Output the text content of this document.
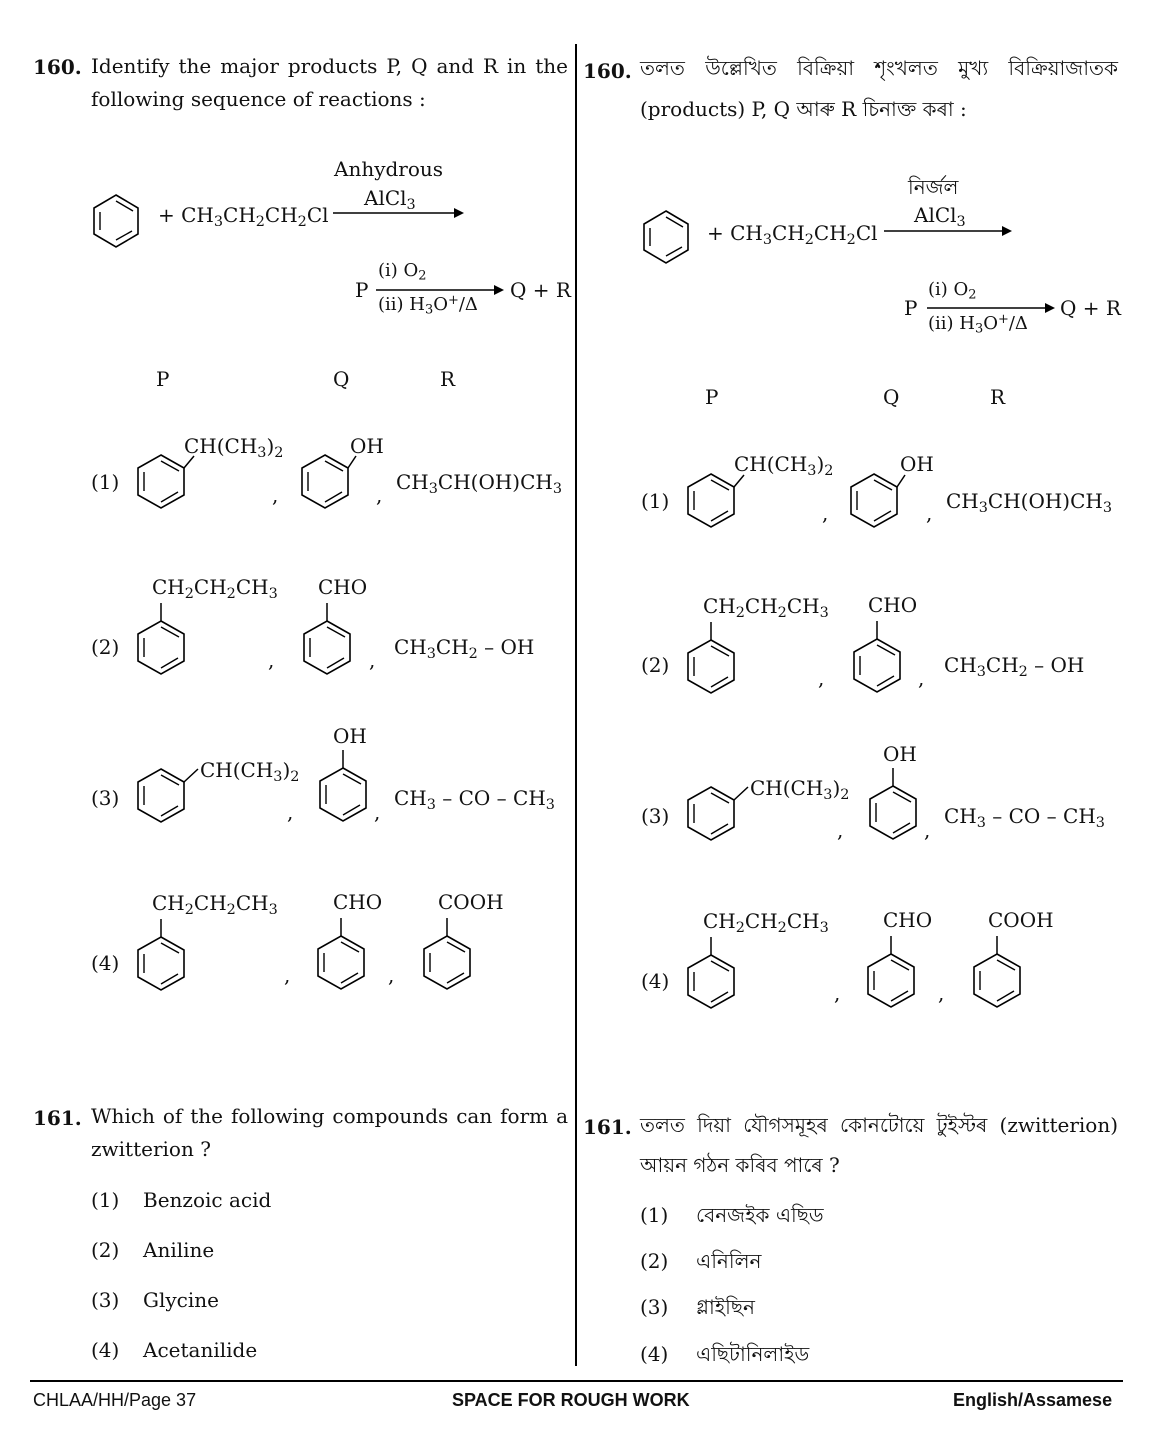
160. Identify the major products P, Q and R in the following sequence of reactions :
+ $CH_3CH_2CH_2Cl$
Anhydrous
AlCl$_3$
P
(i) $O_2$
(ii) $H_3O^+/\Delta$
Q + R
P	Q	R
(1)
$CH(CH_3)_2$
,
OH
,
$CH_3CH(OH)CH_3$
(2)
$CH_2CH_2CH_3$
,
CHO
,
$CH_3CH_2$ – OH
(3)
$CH(CH_3)_2$
,
OH
,
$CH_3$ – CO – $CH_3$
(4)
$CH_2CH_2CH_3$
,
CHO
,
COOH
161. Which of the following compounds can form a zwitterion ?
(1) Benzoic acid
(2) Aniline
(3) Glycine
(4) Acetanilide
160. তলত উল্লেখিত বিক্ৰিয়া শৃংখলত মুখ্য বিক্ৰিয়াজাতক
(products) P, Q আৰু R চিনাক্ত কৰা :
+ $CH_3CH_2CH_2Cl$
নিৰ্জল
AlCl$_3$
P
(i) $O_2$
(ii) $H_3O^+/\Delta$
Q + R
P	Q	R
(1)
$CH(CH_3)_2$
,
OH
, $CH_3CH(OH)CH_3$
(2)
$CH_2CH_2CH_3$
,
CHO
,
$CH_3CH_2$ – OH
(3)
$CH(CH_3)_2$
,
OH
,
$CH_3$ – CO – $CH_3$
(4)
$CH_2CH_2CH_3$
,
CHO
,
COOH
161. তলত দিয়া যৌগসমূহৰ কোনটোয়ে টুইস্টৰ (zwitterion)
আয়ন গঠন কৰিব পাৰে ?
(1) বেনজইক এছিড
(2) এনিলিন
(3) গ্লাইছিন
(4) এছিটানিলাইড
CHLAA/HH/Page 37	SPACE FOR ROUGH WORK	English/Assamese
